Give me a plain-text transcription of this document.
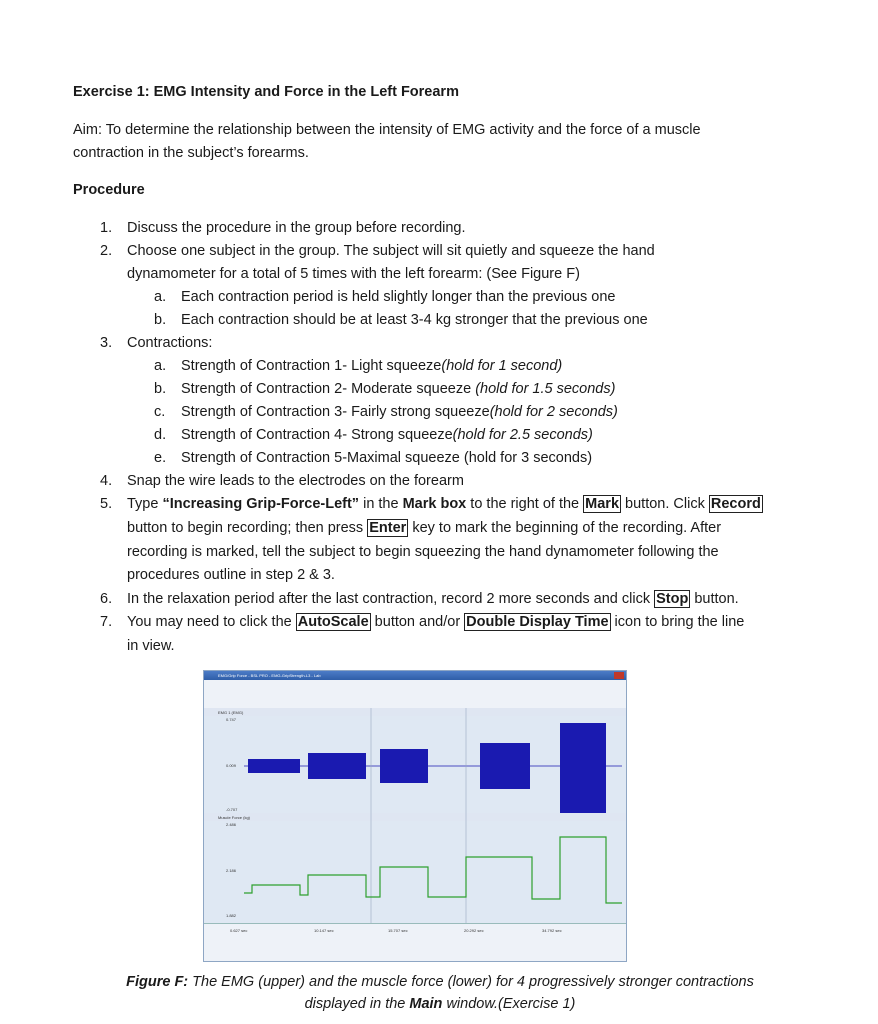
Exercise 1: EMG Intensity and Force in the Left Forearm
Aim: To determine the relationship between the intensity of EMG activity and the force of a muscle contraction in the subject’s forearms.
Procedure
1. Discuss the procedure in the group before recording.
2. Choose one subject in the group. The subject will sit quietly and squeeze the hand
dynamometer for a total of 5 times with the left forearm: (See Figure F)
a. Each contraction period is held slightly longer than the previous one
b. Each contraction should be at least 3-4 kg stronger that the previous one
3. Contractions:
a. Strength of Contraction 1- Light squeeze(hold for 1 second)
b. Strength of Contraction 2- Moderate squeeze (hold for 1.5 seconds)
c. Strength of Contraction 3- Fairly strong squeeze(hold for 2 seconds)
d. Strength of Contraction 4- Strong squeeze(hold for 2.5 seconds)
e. Strength of Contraction 5-Maximal squeeze (hold for 3 seconds)
4. Snap the wire leads to the electrodes on the forearm
5. Type “Increasing Grip-Force-Left” in the Mark box to the right of the Mark button. Click Record
button to begin recording; then press Enter key to mark the beginning of the recording. After
recording is marked, tell the subject to begin squeezing the hand dynamometer following the
procedures outline in step 2 & 3.
6. In the relaxation period after the last contraction, record 2 more seconds and click Stop button.
7. You may need to click the AutoScale button and/or Double Display Time icon to bring the line
in view.
EMG/Grip Force - BSL PRO - EMG-GripStrength-L3 - Lab
EMG 1 (EMG)
0.747
0.009
-0.707
Muscle Force (kg)
2.486
2.186
1.882
0.627 sec	10.147 sec	15.707 sec	20.292 sec	34.792 sec
Figure F: The EMG (upper) and the muscle force (lower) for 4 progressively stronger contractions
displayed in the Main window.(Exercise 1)
